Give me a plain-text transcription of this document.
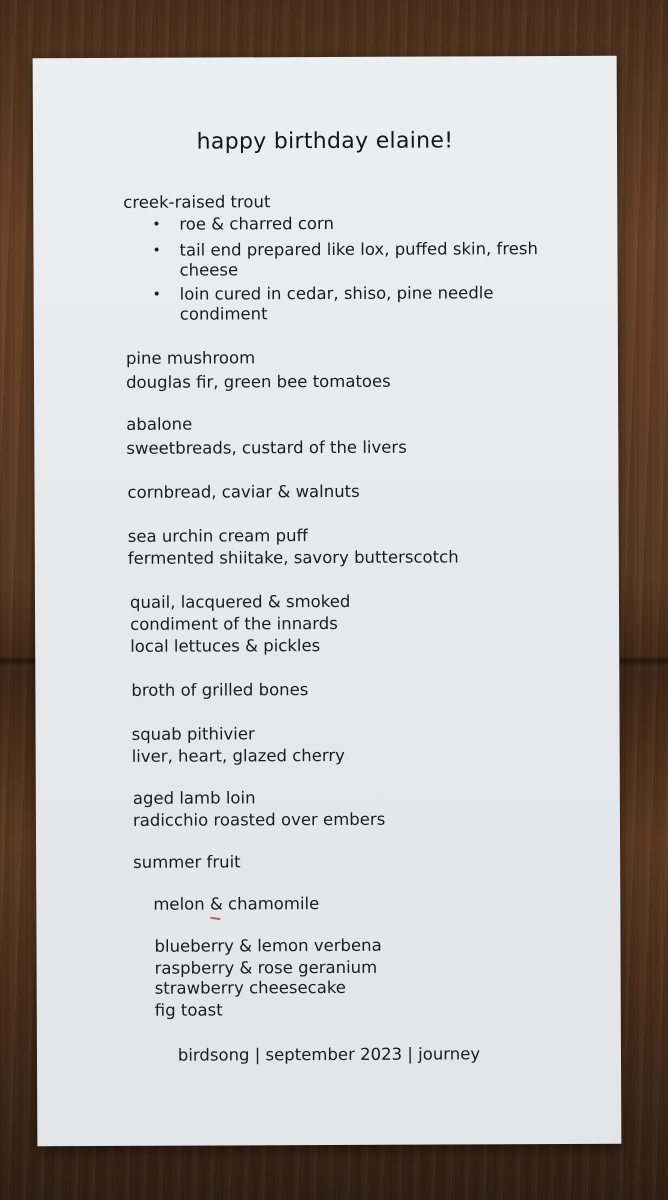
happy birthday elaine!
creek-raised trout
• roe & charred corn
• tail end prepared like lox, puffed skin, fresh
cheese
• loin cured in cedar, shiso, pine needle
condiment
pine mushroom
douglas fir, green bee tomatoes
abalone
sweetbreads, custard of the livers
cornbread, caviar & walnuts
sea urchin cream puff
fermented shiitake, savory butterscotch
quail, lacquered & smoked
condiment of the innards
local lettuces & pickles
broth of grilled bones
squab pithivier
liver, heart, glazed cherry
aged lamb loin
radicchio roasted over embers
summer fruit
melon & chamomile
blueberry & lemon verbena
raspberry & rose geranium
strawberry cheesecake
fig toast
birdsong | september 2023 | journey
